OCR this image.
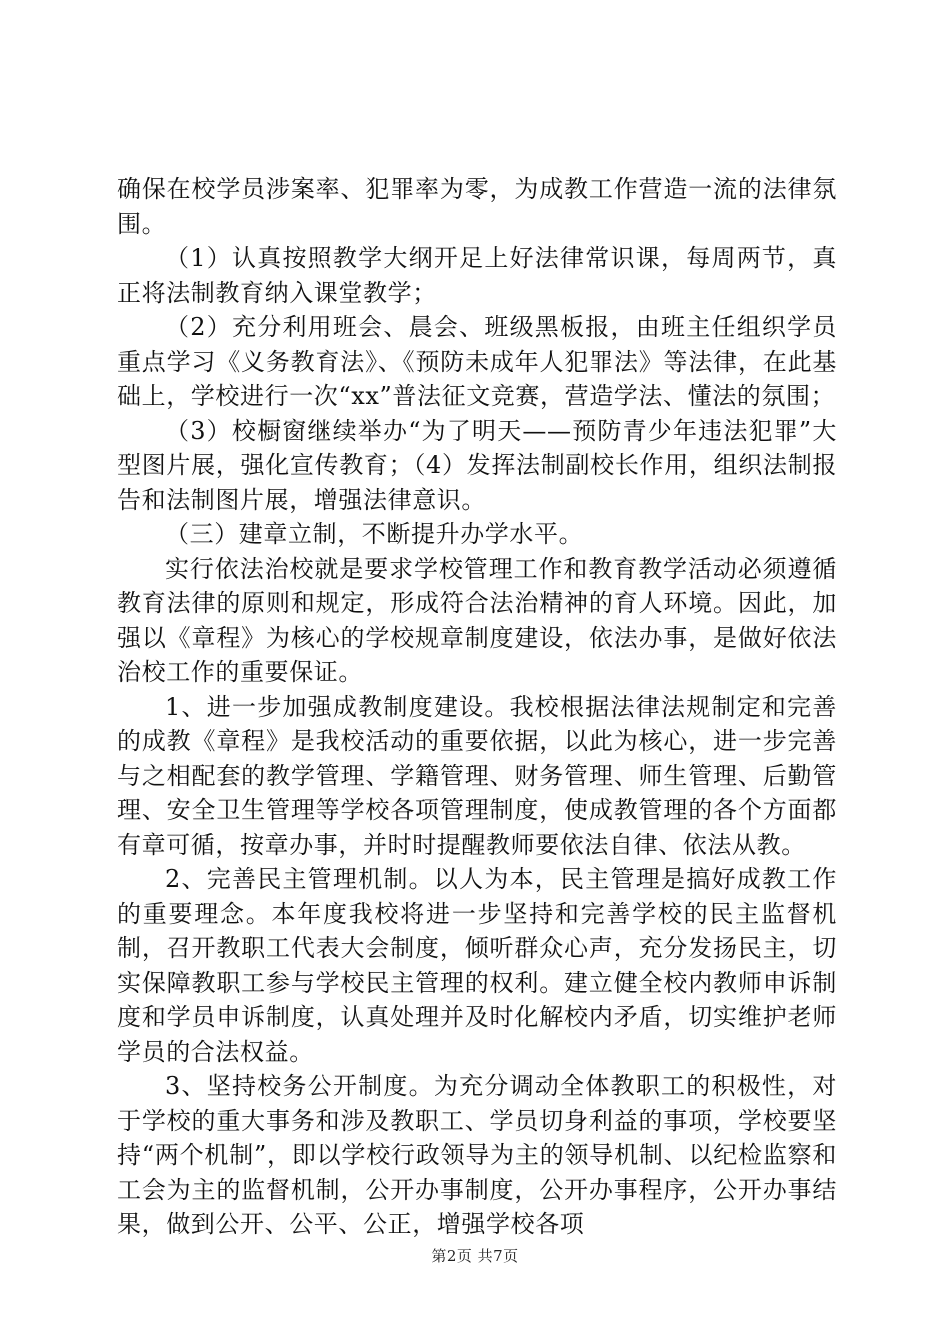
确保在校学员涉案率、犯罪率为零，为成教工作营造一流的法律氛围。

（1）认真按照教学大纲开足上好法律常识课，每周两节，真正将法制教育纳入课堂教学；

（2）充分利用班会、晨会、班级黑板报，由班主任组织学员重点学习《义务教育法》、《预防未成年人犯罪法》等法律，在此基础上，学校进行一次“xx”普法征文竞赛，营造学法、懂法的氛围；

（3）校橱窗继续举办“为了明天——预防青少年违法犯罪”大型图片展，强化宣传教育；（4）发挥法制副校长作用，组织法制报告和法制图片展，增强法律意识。

（三）建章立制，不断提升办学水平。

实行依法治校就是要求学校管理工作和教育教学活动必须遵循教育法律的原则和规定，形成符合法治精神的育人环境。因此，加强以《章程》为核心的学校规章制度建设，依法办事，是做好依法治校工作的重要保证。

1、进一步加强成教制度建设。我校根据法律法规制定和完善的成教《章程》是我校活动的重要依据，以此为核心，进一步完善与之相配套的教学管理、学籍管理、财务管理、师生管理、后勤管理、安全卫生管理等学校各项管理制度，使成教管理的各个方面都有章可循，按章办事，并时时提醒教师要依法自律、依法从教。

2、完善民主管理机制。以人为本，民主管理是搞好成教工作的重要理念。本年度我校将进一步坚持和完善学校的民主监督机制，召开教职工代表大会制度，倾听群众心声，充分发扬民主，切实保障教职工参与学校民主管理的权利。建立健全校内教师申诉制度和学员申诉制度，认真处理并及时化解校内矛盾，切实维护老师学员的合法权益。

3、坚持校务公开制度。为充分调动全体教职工的积极性，对于学校的重大事务和涉及教职工、学员切身利益的事项，学校要坚持“两个机制”，即以学校行政领导为主的领导机制、以纪检监察和工会为主的监督机制，公开办事制度，公开办事程序，公开办事结果，做到公开、公平、公正，增强学校各项

第2页 共7页
